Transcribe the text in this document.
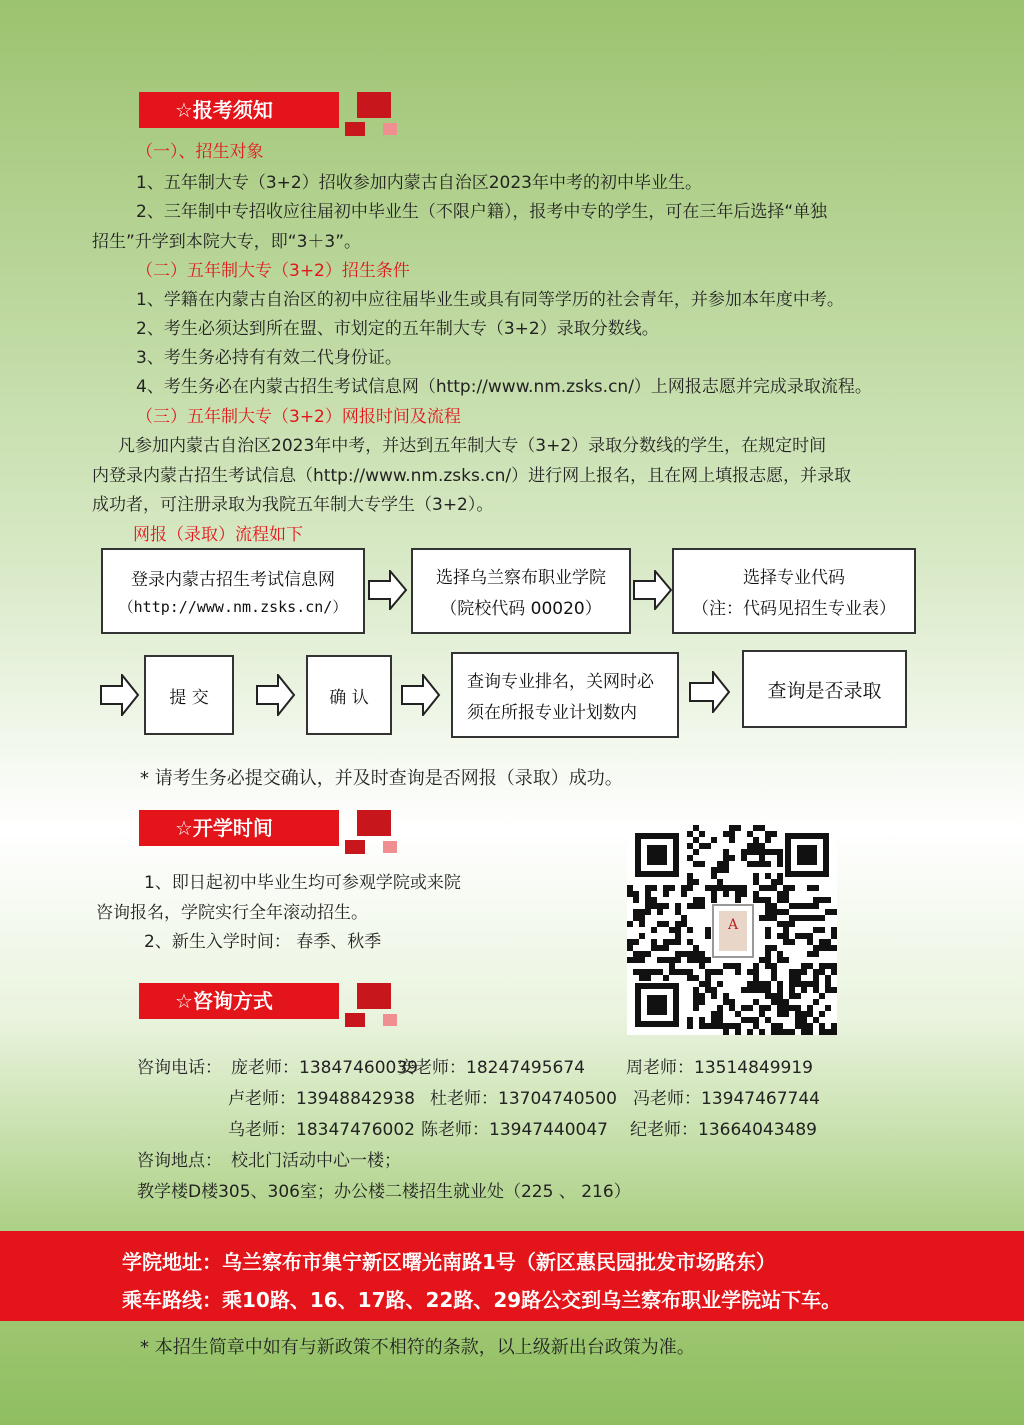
☆报考须知
（一）、招生对象
1、五年制大专（3+2）招收参加内蒙古自治区2023年中考的初中毕业生。
2、三年制中专招收应往届初中毕业生（不限户籍），报考中专的学生，可在三年后选择“单独
招生”升学到本院大专，即“3＋3”。
（二）五年制大专（3+2）招生条件
1、学籍在内蒙古自治区的初中应往届毕业生或具有同等学历的社会青年，并参加本年度中考。
2、考生必须达到所在盟、市划定的五年制大专（3+2）录取分数线。
3、考生务必持有有效二代身份证。
4、考生务必在内蒙古招生考试信息网（http://www.nm.zsks.cn/）上网报志愿并完成录取流程。
（三）五年制大专（3+2）网报时间及流程
凡参加内蒙古自治区2023年中考，并达到五年制大专（3+2）录取分数线的学生，在规定时间
内登录内蒙古招生考试信息（http://www.nm.zsks.cn/）进行网上报名，且在网上填报志愿，并录取
成功者，可注册录取为我院五年制大专学生（3+2）。
网报（录取）流程如下
登录内蒙古招生考试信息网
（http://www.nm.zsks.cn/）
选择乌兰察布职业学院
（院校代码 00020）
选择专业代码
（注：代码见招生专业表）
提 交	确 认
查询专业排名，关网时必
须在所报专业计划数内
查询是否录取
* 请考生务必提交确认，并及时查询是否网报（录取）成功。
☆开学时间
1、即日起初中毕业生均可参观学院或来院
咨询报名，学院实行全年滚动招生。
2、新生入学时间： 春季、秋季
A
☆咨询方式
咨询电话： 庞老师：13847460039
安老师：18247495674 周老师：13514849919
卢老师：13948842938 杜老师：13704740500 冯老师：13947467744
乌老师：18347476002 陈老师：13947440047 纪老师：13664043489
咨询地点： 校北门活动中心一楼；
教学楼D楼305、306室；办公楼二楼招生就业处（225 、 216）
学院地址：乌兰察布市集宁新区曙光南路1号（新区惠民园批发市场路东）
乘车路线：乘10路、16、17路、22路、29路公交到乌兰察布职业学院站下车。
* 本招生简章中如有与新政策不相符的条款，以上级新出台政策为准。
